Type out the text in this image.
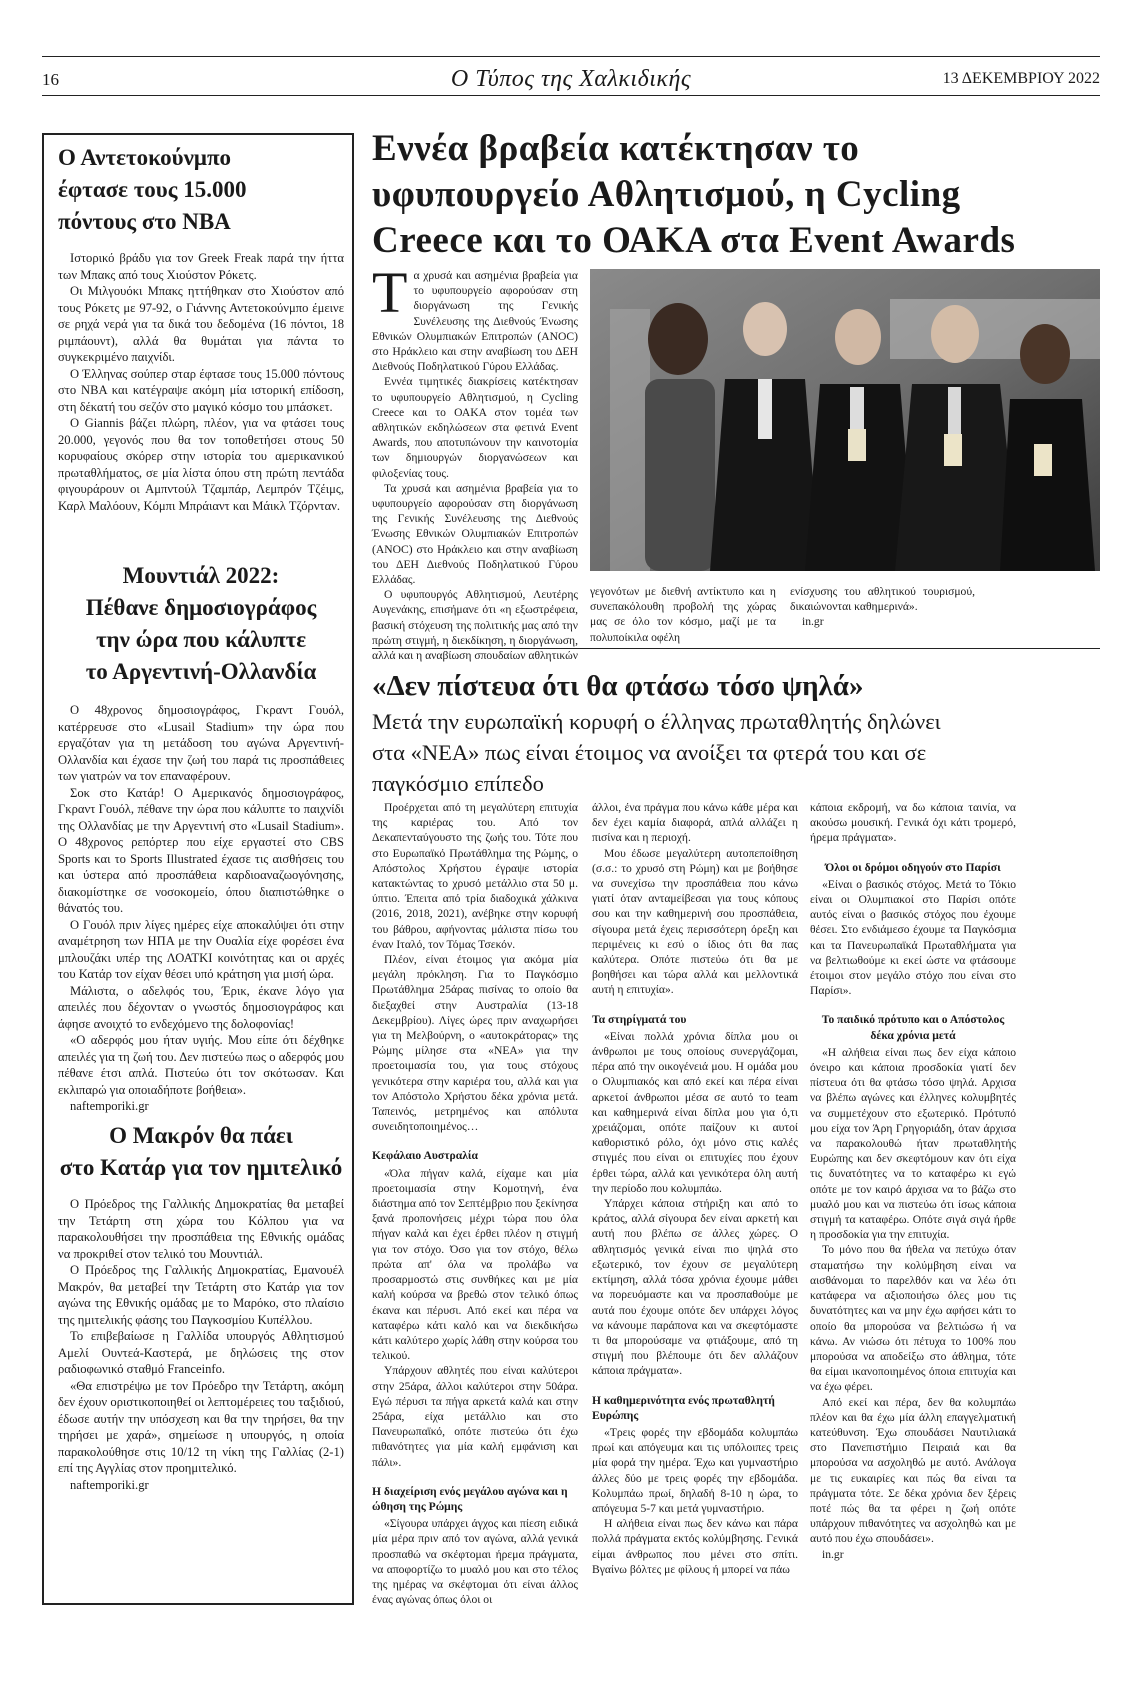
16	Ο Τύπος της Χαλκιδικής	13 ΔΕΚΕΜΒΡΙΟΥ 2022
Ο Αντετοκούνμπο
έφτασε τους 15.000
πόντους στο ΝΒΑ

Ιστορικό βράδυ για τον Greek Freak παρά την ήττα των Μπακς από τους Χιούστον Ρόκετς.

Οι Μιλγουόκι Μπακς ηττήθηκαν στο Χιούστον από τους Ρόκετς με 97-92, ο Γιάννης Αντετοκούνμπο έμεινε σε ρηχά νερά για τα δικά του δεδομένα (16 πόντοι, 18 ριμπάουντ), αλλά θα θυμάται για πάντα το συγκεκριμένο παιχνίδι.

Ο Έλληνας σούπερ σταρ έφτασε τους 15.000 πόντους στο ΝΒΑ και κατέγραψε ακόμη μία ιστορική επίδοση, στη δέκατή του σεζόν στο μαγικό κόσμο του μπάσκετ.

Ο Giannis βάζει πλώρη, πλέον, για να φτάσει τους 20.000, γεγονός που θα τον τοποθετήσει στους 50 κορυφαίους σκόρερ στην ιστορία του αμερικανικού πρωταθλήματος, σε μία λίστα όπου στη πρώτη πεντάδα φιγουράρουν οι Αμπντούλ Τζαμπάρ, Λεμπρόν Τζέιμς, Καρλ Μαλόουν, Κόμπι Μπράιαντ και Μάικλ Τζόρνταν.

Μουντιάλ 2022:
Πέθανε δημοσιογράφος
την ώρα που κάλυπτε
το Αργεντινή-Ολλανδία

Ο 48χρονος δημοσιογράφος, Γκραντ Γουόλ, κατέρρευσε στο «Lusail Stadium» την ώρα που εργαζόταν για τη μετάδοση του αγώνα Αργεντινή-Ολλανδία και έχασε την ζωή του παρά τις προσπάθειες των γιατρών να τον επαναφέρουν.

Σοκ στο Κατάρ! Ο Αμερικανός δημοσιογράφος, Γκραντ Γουόλ, πέθανε την ώρα που κάλυπτε το παιχνίδι της Ολλανδίας με την Αργεντινή στο «Lusail Stadium». Ο 48χρονος ρεπόρτερ που είχε εργαστεί στο CBS Sports και το Sports Illustrated έχασε τις αισθήσεις του και ύστερα από προσπάθεια καρδιοαναζωογόνησης, διακομίστηκε σε νοσοκομείο, όπου διαπιστώθηκε ο θάνατός του.

Ο Γουόλ πριν λίγες ημέρες είχε αποκαλύψει ότι στην αναμέτρηση των ΗΠΑ με την Ουαλία είχε φορέσει ένα μπλουζάκι υπέρ της ΛΟΑΤΚΙ κοινότητας και οι αρχές του Κατάρ τον είχαν θέσει υπό κράτηση για μισή ώρα.

Μάλιστα, ο αδελφός του, Έρικ, έκανε λόγο για απειλές που δέχονταν ο γνωστός δημοσιογράφος και άφησε ανοιχτό το ενδεχόμενο της δολοφονίας!

«Ο αδερφός μου ήταν υγιής. Μου είπε ότι δέχθηκε απειλές για τη ζωή του. Δεν πιστεύω πως ο αδερφός μου πέθανε έτσι απλά. Πιστεύω ότι τον σκότωσαν. Και εκλιπαρώ για οποιαδήποτε βοήθεια».

naftemporiki.gr

Ο Μακρόν θα πάει
στο Κατάρ για τον ημιτελικό

Ο Πρόεδρος της Γαλλικής Δημοκρατίας θα μεταβεί την Τετάρτη στη χώρα του Κόλπου για να παρακολουθήσει την προσπάθεια της Εθνικής ομάδας να προκριθεί στον τελικό του Μουντιάλ.

Ο Πρόεδρος της Γαλλικής Δημοκρατίας, Εμανουέλ Μακρόν, θα μεταβεί την Τετάρτη στο Κατάρ για τον αγώνα της Εθνικής ομάδας με το Μαρόκο, στο πλαίσιο της ημιτελικής φάσης του Παγκοσμίου Κυπέλλου.

Το επιβεβαίωσε η Γαλλίδα υπουργός Αθλητισμού Αμελί Ουντεά-Καστερά, με δηλώσεις της στον ραδιοφωνικό σταθμό Franceinfo.

«Θα επιστρέψω με τον Πρόεδρο την Τετάρτη, ακόμη δεν έχουν οριστικοποιηθεί οι λεπτομέρειες του ταξιδιού, έδωσε αυτήν την υπόσχεση και θα την τηρήσει, θα την τηρήσει με χαρά», σημείωσε η υπουργός, η οποία παρακολούθησε στις 10/12 τη νίκη της Γαλλίας (2-1) επί της Αγγλίας στον προημιτελικό.

naftemporiki.gr

Εννέα βραβεία κατέκτησαν το
υφυπουργείο Αθλητισμού, η Cycling
Creece και το ΟΑΚΑ στα Event Awards

Τα χρυσά και ασημένια βραβεία για το υφυπουργείο αφορούσαν στη διοργάνωση της Γενικής Συνέλευσης της Διεθνούς Ένωσης Εθνικών Ολυμπιακών Επιτροπών (ANOC) στο Ηράκλειο και στην αναβίωση του ΔΕΗ Διεθνούς Ποδηλατικού Γύρου Ελλάδας.

Εννέα τιμητικές διακρίσεις κατέκτησαν το υφυπουργείο Αθλητισμού, η Cycling Creece και το ΟΑΚΑ στον τομέα των αθλητικών εκδηλώσεων στα φετινά Event Awards, που αποτυπώνουν την καινοτομία των δημιουργών διοργανώσεων και φιλοξενίας τους.

Τα χρυσά και ασημένια βραβεία για το υφυπουργείο αφορούσαν στη διοργάνωση της Γενικής Συνέλευσης της Διεθνούς Ένωσης Εθνικών Ολυμπιακών Επιτροπών (ANOC) στο Ηράκλειο και στην αναβίωση του ΔΕΗ Διεθνούς Ποδηλατικού Γύρου Ελλάδας.

Ο υφυπουργός Αθλητισμού, Λευτέρης Αυγενάκης, επισήμανε ότι «η εξωστρέφεια, βασική στόχευση της πολιτικής μας από την πρώτη στιγμή, η διεκδίκηση, η διοργάνωση, αλλά και η αναβίωση σπουδαίων αθλητικών

γεγονότων με διεθνή αντίκτυπο και η συνεπακόλουθη προβολή της χώρας μας σε όλο τον κόσμο, μαζί με τα πολυποίκιλα οφέλη

ενίσχυσης του αθλητικού τουρισμού, δικαιώνονται καθημερινά».

in.gr

«Δεν πίστευα ότι θα φτάσω τόσο ψηλά»
Μετά την ευρωπαϊκή κορυφή ο έλληνας πρωταθλητής δηλώνει στα «ΝΕΑ» πως είναι έτοιμος να ανοίξει τα φτερά του και σε παγκόσμιο επίπεδο

Προέρχεται από τη μεγαλύτερη επιτυχία της καριέρας του. Από τον Δεκαπενταύγουστο της ζωής του. Τότε που στο Ευρωπαϊκό Πρωτάθλημα της Ρώμης, ο Απόστολος Χρήστου έγραψε ιστορία κατακτώντας το χρυσό μετάλλιο στα 50 μ. ύπτιο. Έπειτα από τρία διαδοχικά χάλκινα (2016, 2018, 2021), ανέβηκε στην κορυφή του βάθρου, αφήνοντας μάλιστα πίσω του έναν Ιταλό, τον Τόμας Τσεκόν.

Πλέον, είναι έτοιμος για ακόμα μία μεγάλη πρόκληση. Για το Παγκόσμιο Πρωτάθλημα 25άρας πισίνας το οποίο θα διεξαχθεί στην Αυστραλία (13-18 Δεκεμβρίου). Λίγες ώρες πριν αναχωρήσει για τη Μελβούρνη, ο «αυτοκράτορας» της Ρώμης μίλησε στα «ΝΕΑ» για την προετοιμασία του, για τους στόχους γενικότερα στην καριέρα του, αλλά και για τον Απόστολο Χρήστου δέκα χρόνια μετά. Ταπεινός, μετρημένος και απόλυτα συνειδητοποιημένος…

Κεφάλαιο Αυστραλία

«Όλα πήγαν καλά, είχαμε και μία προετοιμασία στην Κομοτηνή, ένα διάστημα από τον Σεπτέμβριο που ξεκίνησα ξανά προπονήσεις μέχρι τώρα που όλα πήγαν καλά και έχει έρθει πλέον η στιγμή για τον στόχο. Όσο για τον στόχο, θέλω πρώτα απ' όλα να προλάβω να προσαρμοστώ στις συνθήκες και με μία καλή κούρσα να βρεθώ στον τελικό όπως έκανα και πέρυσι. Από εκεί και πέρα να καταφέρω κάτι καλό και να διεκδικήσω κάτι καλύτερο χωρίς λάθη στην κούρσα του τελικού.

Υπάρχουν αθλητές που είναι καλύτεροι στην 25άρα, άλλοι καλύτεροι στην 50άρα. Εγώ πέρυσι τα πήγα αρκετά καλά και στην 25άρα, είχα μετάλλιο και στο Πανευρωπαϊκό, οπότε πιστεύω ότι έχω πιθανότητες για μία καλή εμφάνιση και πάλι».

Η διαχείριση ενός μεγάλου αγώνα και η ώθηση της Ρώμης

«Σίγουρα υπάρχει άγχος και πίεση ειδικά μία μέρα πριν από τον αγώνα, αλλά γενικά προσπαθώ να σκέφτομαι ήρεμα πράγματα, να αποφορτίζω το μυαλό μου και στο τέλος της ημέρας να σκέφτομαι ότι είναι άλλος ένας αγώνας όπως όλοι οι

άλλοι, ένα πράγμα που κάνω κάθε μέρα και δεν έχει καμία διαφορά, απλά αλλάζει η πισίνα και η περιοχή.

Μου έδωσε μεγαλύτερη αυτοπεποίθηση (σ.σ.: το χρυσό στη Ρώμη) και με βοήθησε να συνεχίσω την προσπάθεια που κάνω γιατί όταν ανταμείβεσαι για τους κόπους σου και την καθημερινή σου προσπάθεια, σίγουρα μετά έχεις περισσότερη όρεξη και περιμένεις κι εσύ ο ίδιος ότι θα πας καλύτερα. Οπότε πιστεύω ότι θα με βοηθήσει και τώρα αλλά και μελλοντικά αυτή η επιτυχία».

Τα στηρίγματά του

«Είναι πολλά χρόνια δίπλα μου οι άνθρωποι με τους οποίους συνεργάζομαι, πέρα από την οικογένειά μου. Η ομάδα μου ο Ολυμπιακός και από εκεί και πέρα είναι αρκετοί άνθρωποι μέσα σε αυτό το team και καθημερινά είναι δίπλα μου για ό,τι χρειάζομαι, οπότε παίζουν κι αυτοί καθοριστικό ρόλο, όχι μόνο στις καλές στιγμές που είναι οι επιτυχίες που έχουν έρθει τώρα, αλλά και γενικότερα όλη αυτή την περίοδο που κολυμπάω.

Υπάρχει κάποια στήριξη και από το κράτος, αλλά σίγουρα δεν είναι αρκετή και αυτή που βλέπω σε άλλες χώρες. Ο αθλητισμός γενικά είναι πιο ψηλά στο εξωτερικό, τον έχουν σε μεγαλύτερη εκτίμηση, αλλά τόσα χρόνια έχουμε μάθει να πορευόμαστε και να προσπαθούμε με αυτά που έχουμε οπότε δεν υπάρχει λόγος να κάνουμε παράπονα και να σκεφτόμαστε τι θα μπορούσαμε να φτιάξουμε, από τη στιγμή που βλέπουμε ότι δεν αλλάζουν κάποια πράγματα».

Η καθημερινότητα ενός πρωταθλητή Ευρώπης

«Τρεις φορές την εβδομάδα κολυμπάω πρωί και απόγευμα και τις υπόλοιπες τρεις μία φορά την ημέρα. Έχω και γυμναστήριο άλλες δύο με τρεις φορές την εβδομάδα. Κολυμπάω πρωί, δηλαδή 8-10 η ώρα, το απόγευμα 5-7 και μετά γυμναστήριο.

Η αλήθεια είναι πως δεν κάνω και πάρα πολλά πράγματα εκτός κολύμβησης. Γενικά είμαι άνθρωπος που μένει στο σπίτι. Βγαίνω βόλτες με φίλους ή μπορεί να πάω

κάποια εκδρομή, να δω κάποια ταινία, να ακούσω μουσική. Γενικά όχι κάτι τρομερό, ήρεμα πράγματα».

Όλοι οι δρόμοι οδηγούν στο Παρίσι

«Είναι ο βασικός στόχος. Μετά το Τόκιο είναι οι Ολυμπιακοί στο Παρίσι οπότε αυτός είναι ο βασικός στόχος που έχουμε θέσει. Στο ενδιάμεσο έχουμε τα Παγκόσμια και τα Πανευρωπαϊκά Πρωταθλήματα για να βελτιωθούμε κι εκεί ώστε να φτάσουμε έτοιμοι στον μεγάλο στόχο που είναι στο Παρίσι».

Το παιδικό πρότυπο και ο Απόστολος δέκα χρόνια μετά

«Η αλήθεια είναι πως δεν είχα κάποιο όνειρο και κάποια προσδοκία γιατί δεν πίστευα ότι θα φτάσω τόσο ψηλά. Αρχισα να βλέπω αγώνες και έλληνες κολυμβητές να συμμετέχουν στο εξωτερικό. Πρότυπό μου είχα τον Άρη Γρηγοριάδη, όταν άρχισα να παρακολουθώ ήταν πρωταθλητής Ευρώπης και δεν σκεφτόμουν καν ότι είχα τις δυνατότητες να το καταφέρω κι εγώ οπότε με τον καιρό άρχισα να το βάζω στο μυαλό μου και να πιστεύω ότι ίσως κάποια στιγμή τα καταφέρω. Οπότε σιγά σιγά ήρθε η προσδοκία για την επιτυχία.

Το μόνο που θα ήθελα να πετύχω όταν σταματήσω την κολύμβηση είναι να αισθάνομαι το παρελθόν και να λέω ότι κατάφερα να αξιοποιήσω όλες μου τις δυνατότητες και να μην έχω αφήσει κάτι το οποίο θα μπορούσα να βελτιώσω ή να κάνω. Αν νιώσω ότι πέτυχα το 100% που μπορούσα να αποδείξω στο άθλημα, τότε θα είμαι ικανοποιημένος όποια επιτυχία και να έχω φέρει.

Από εκεί και πέρα, δεν θα κολυμπάω πλέον και θα έχω μία άλλη επαγγελματική κατεύθυνση. Έχω σπουδάσει Ναυτιλιακά στο Πανεπιστήμιο Πειραιά και θα μπορούσα να ασχοληθώ με αυτό. Ανάλογα με τις ευκαιρίες και πώς θα είναι τα πράγματα τότε. Σε δέκα χρόνια δεν ξέρεις ποτέ πώς θα τα φέρει η ζωή οπότε υπάρχουν πιθανότητες να ασχοληθώ και με αυτό που έχω σπουδάσει».

in.gr
